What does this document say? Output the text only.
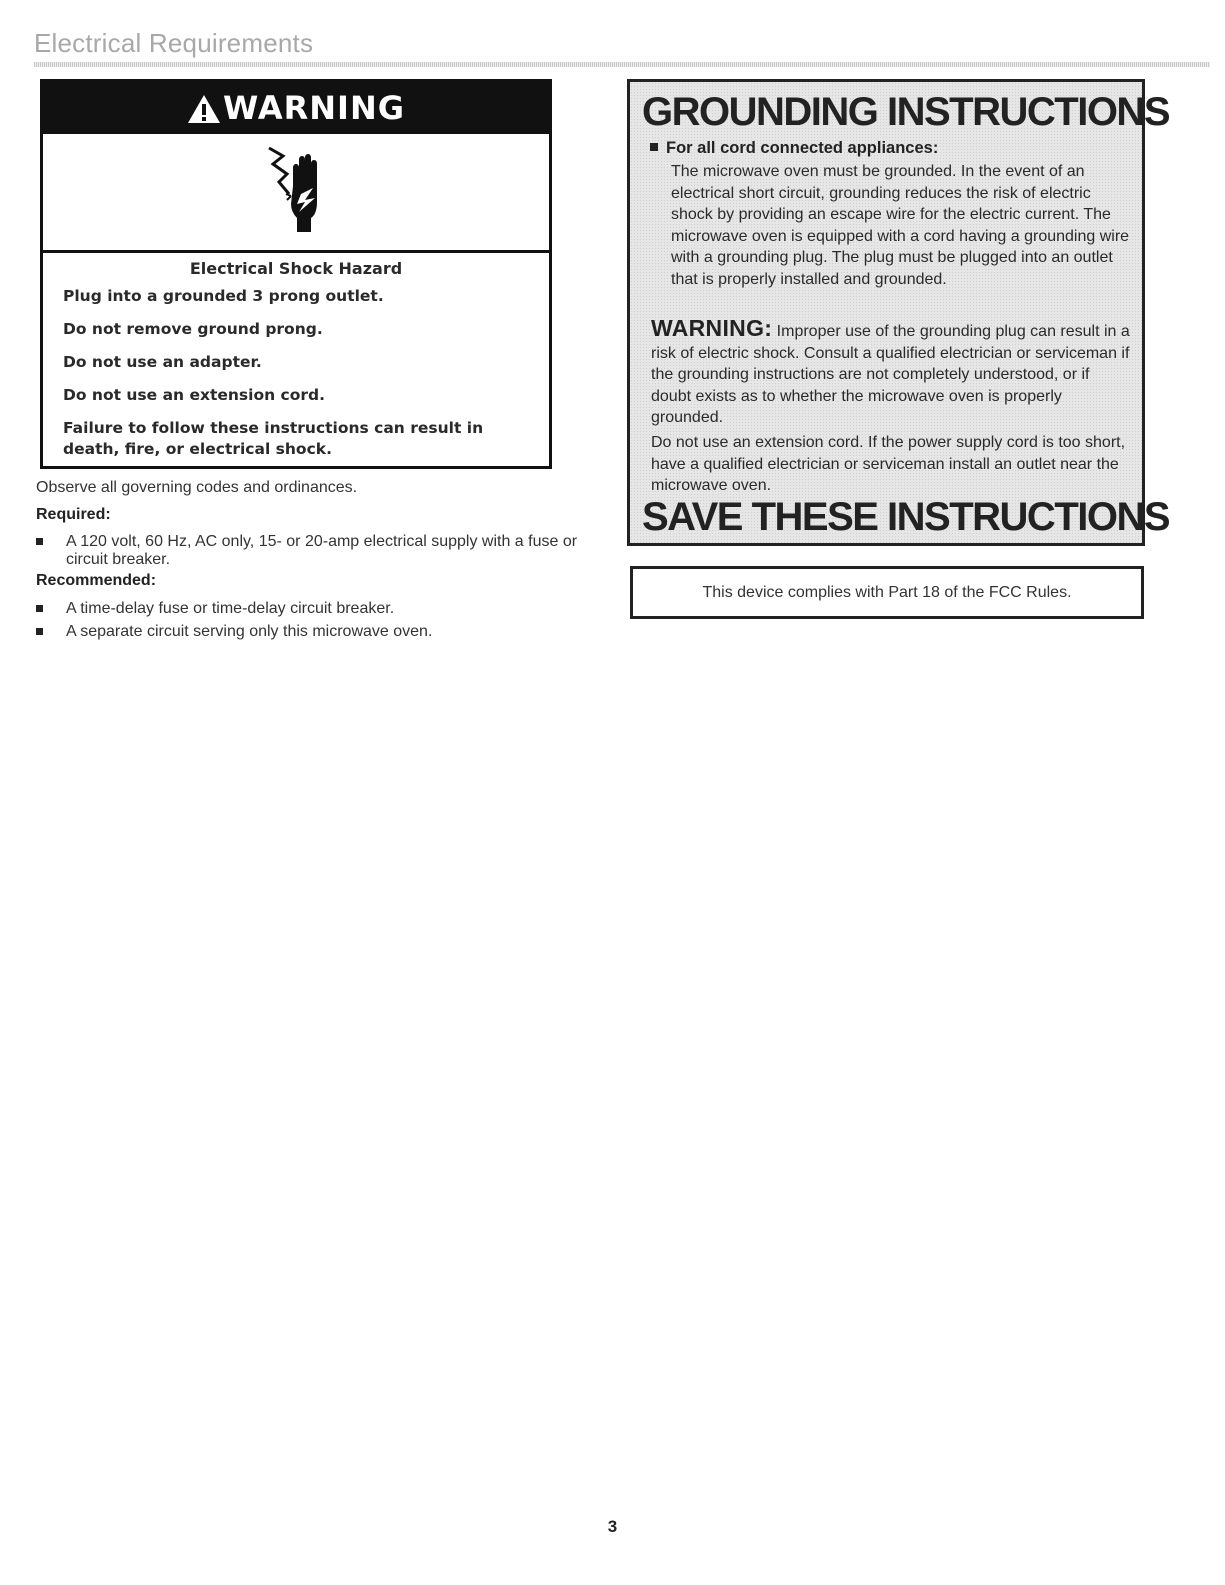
Electrical Requirements
WARNING
Electrical Shock Hazard
Plug into a grounded 3 prong outlet.
Do not remove ground prong.
Do not use an adapter.
Do not use an extension cord.
Failure to follow these instructions can result in death, fire, or electrical shock.

Observe all governing codes and ordinances.

Required:

A 120 volt, 60 Hz, AC only, 15- or 20-amp electrical supply with a fuse or circuit breaker.

Recommended:

A time-delay fuse or time-delay circuit breaker.

A separate circuit serving only this microwave oven.

GROUNDING INSTRUCTIONS
For all cord connected appliances:

The microwave oven must be grounded. In the event of an electrical short circuit, grounding reduces the risk of electric shock by providing an escape wire for the electric current. The microwave oven is equipped with a cord having a grounding wire with a grounding plug. The plug must be plugged into an outlet that is properly installed and grounded.

WARNING: Improper use of the grounding plug can result in a risk of electric shock. Consult a qualified electrician or serviceman if the grounding instructions are not completely understood, or if doubt exists as to whether the microwave oven is properly grounded.

Do not use an extension cord. If the power supply cord is too short, have a qualified electrician or serviceman install an outlet near the microwave oven.

SAVE THESE INSTRUCTIONS
This device complies with Part 18 of the FCC Rules.
3
